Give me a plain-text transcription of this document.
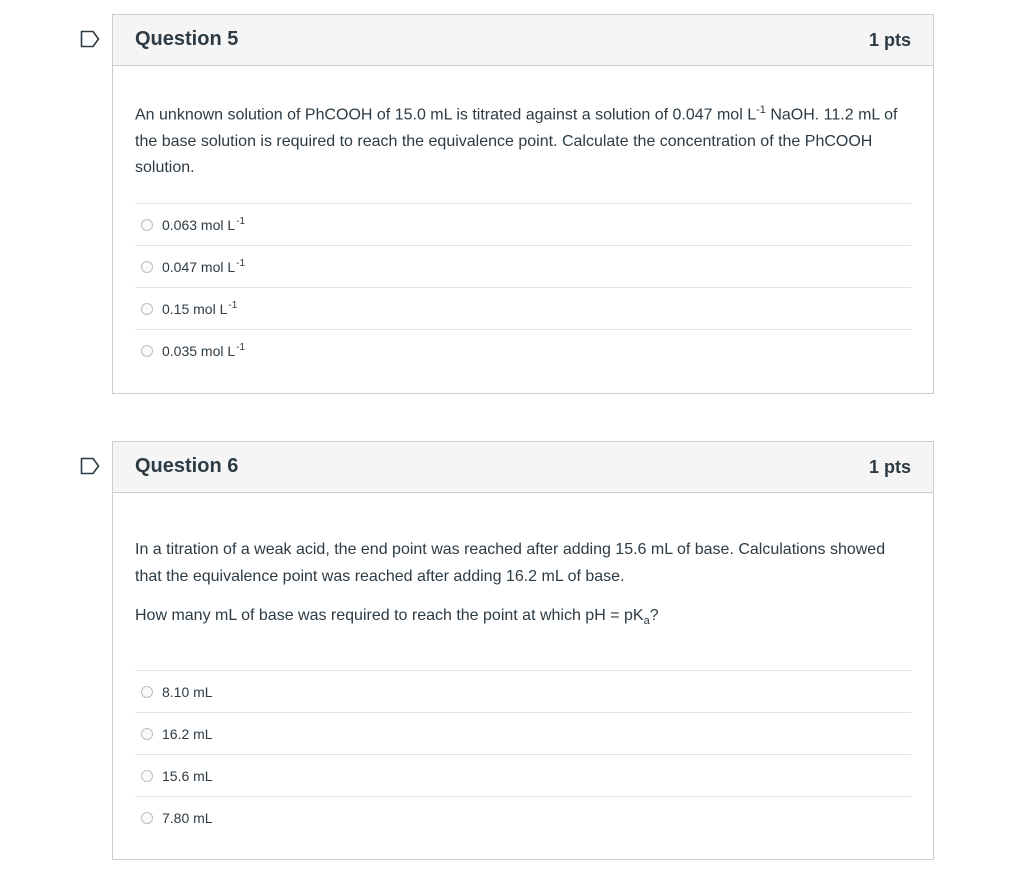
Question 5	1 pts

An unknown solution of PhCOOH of 15.0 mL is titrated against a solution of 0.047 mol $L^{-1}$ NaOH. 11.2 mL of the base solution is required to reach the equivalence point. Calculate the concentration of the PhCOOH solution.

0.063 mol $L^{-1}$
0.047 mol $L^{-1}$
0.15 mol $L^{-1}$
0.035 mol $L^{-1}$
Question 6	1 pts

In a titration of a weak acid, the end point was reached after adding 15.6 mL of base. Calculations showed that the equivalence point was reached after adding 16.2 mL of base.

How many mL of base was required to reach the point at which pH = $pK_a$?

8.10 mL
16.2 mL
15.6 mL
7.80 mL
